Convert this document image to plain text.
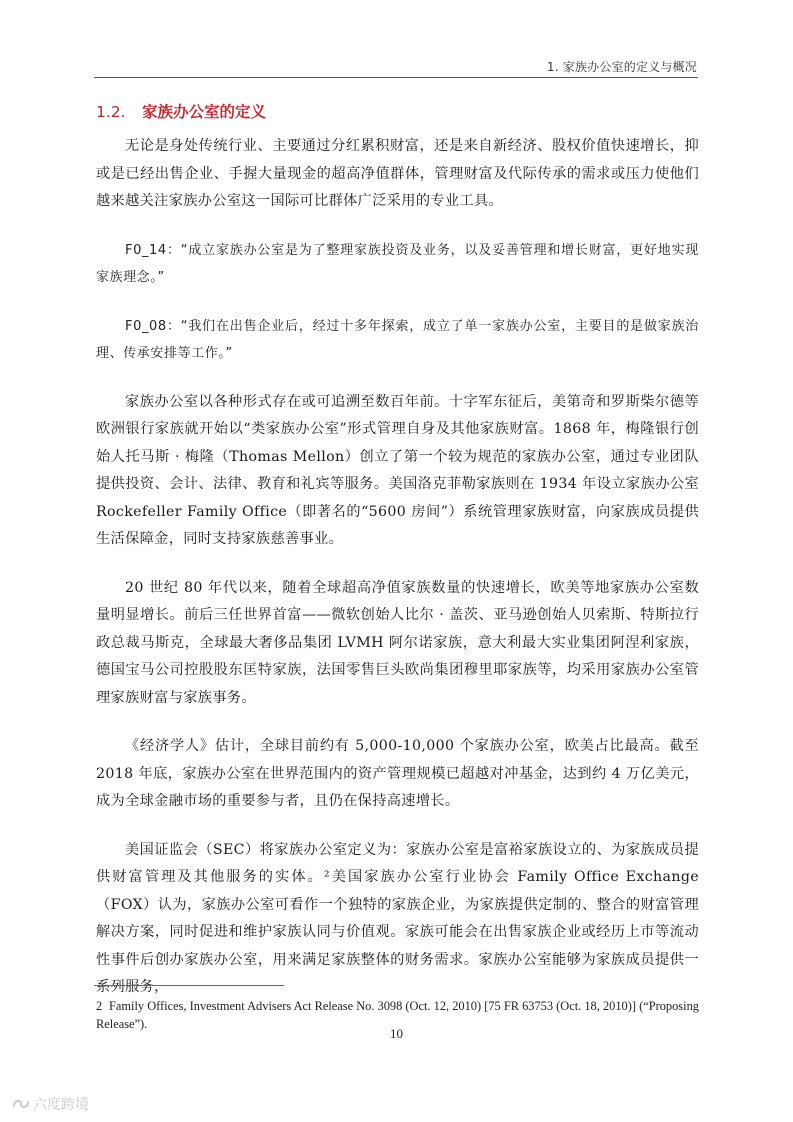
1. 家族办公室的定义与概况
1.2. 家族办公室的定义

无论是身处传统行业、主要通过分红累积财富，还是来自新经济、股权价值快速增长，抑或是已经出售企业、手握大量现金的超高净值群体，管理财富及代际传承的需求或压力使他们越来越关注家族办公室这一国际可比群体广泛采用的专业工具。

F0_14：“成立家族办公室是为了整理家族投资及业务，以及妥善管理和增长财富，更好地实现家族理念。”

F0_08：“我们在出售企业后，经过十多年探索，成立了单一家族办公室，主要目的是做家族治理、传承安排等工作。”

家族办公室以各种形式存在或可追溯至数百年前。十字军东征后，美第奇和罗斯柴尔德等欧洲银行家族就开始以“类家族办公室”形式管理自身及其他家族财富。1868 年，梅隆银行创始人托马斯 · 梅隆（Thomas Mellon）创立了第一个较为规范的家族办公室，通过专业团队提供投资、会计、法律、教育和礼宾等服务。美国洛克菲勒家族则在 1934 年设立家族办公室 Rockefeller Family Office（即著名的“5600 房间”）系统管理家族财富，向家族成员提供生活保障金，同时支持家族慈善事业。

20 世纪 80 年代以来，随着全球超高净值家族数量的快速增长，欧美等地家族办公室数量明显增长。前后三任世界首富——微软创始人比尔 · 盖茨、亚马逊创始人贝索斯、特斯拉行政总裁马斯克，全球最大奢侈品集团 LVMH 阿尔诺家族，意大利最大实业集团阿涅利家族，德国宝马公司控股股东匡特家族，法国零售巨头欧尚集团穆里耶家族等，均采用家族办公室管理家族财富与家族事务。

《经济学人》估计，全球目前约有 5,000-10,000 个家族办公室，欧美占比最高。截至 2018 年底，家族办公室在世界范围内的资产管理规模已超越对冲基金，达到约 4 万亿美元，成为全球金融市场的重要参与者，且仍在保持高速增长。

美国证监会（SEC）将家族办公室定义为：家族办公室是富裕家族设立的、为家族成员提供财富管理及其他服务的实体。²美国家族办公室行业协会 Family Office Exchange（FOX）认为，家族办公室可看作一个独特的家族企业，为家族提供定制的、整合的财富管理解决方案，同时促进和维护家族认同与价值观。家族可能会在出售家族企业或经历上市等流动性事件后创办家族办公室，用来满足家族整体的财务需求。家族办公室能够为家族成员提供一系列服务，

2 Family Offices, Investment Advisers Act Release No. 3098 (Oct. 12, 2010) [75 FR 63753 (Oct. 18, 2010)] (“Proposing Release”).
10
六度跨境
